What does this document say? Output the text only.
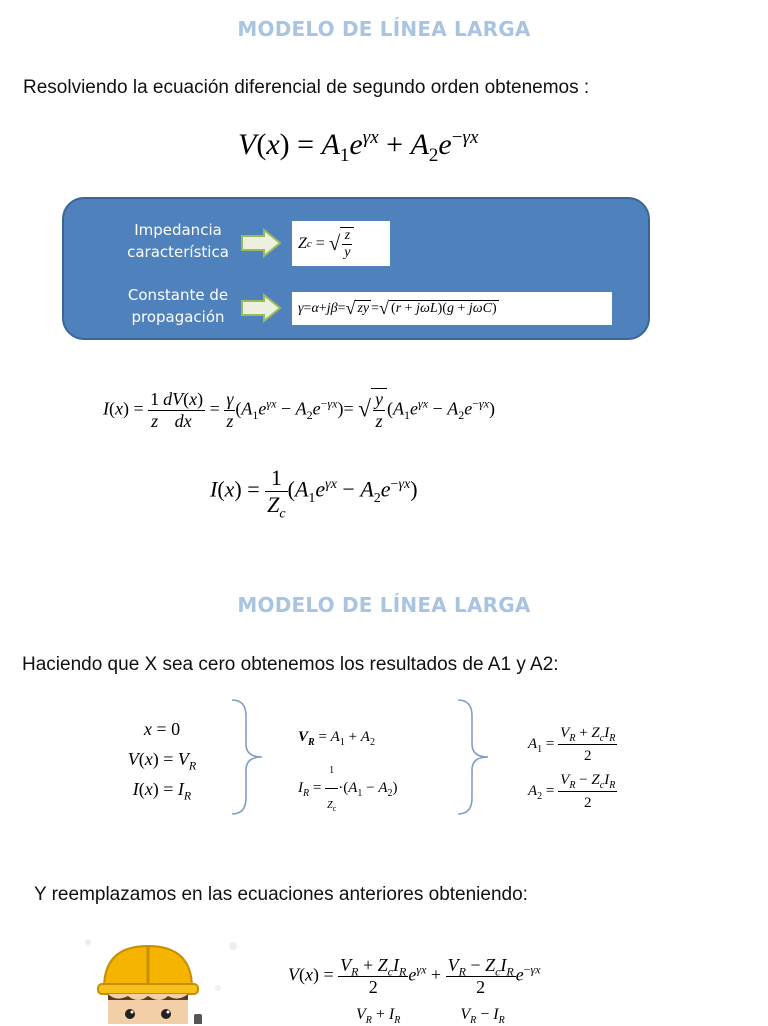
MODELO DE LÍNEA LARGA
Resolviendo la ecuación diferencial de segundo orden obtenemos :
$V(x) = A_1e^{\gamma x} + A_2e^{-\gamma x}$
Impedancia
característica	Z c = √ $\frac{z}{y}$
Constante de
propagación	γ = α + jβ = √ zy = √ (r + jωL)(g + jωC)
$I(x) = \frac{1}{z} \frac{dV(x)}{dx} = \frac{\gamma}{z} (A_1e^{\gamma x} - A_2e^{-\gamma x})=$ √ $\frac{y}{z} (A_1e^{\gamma x} - A_2e^{-\gamma x})$
$I(x) = \frac{1}{Z_c} (A_1e^{\gamma x} - A_2e^{-\gamma x})$
MODELO DE LÍNEA LARGA
Haciendo que X sea cero obtenemos los resultados de A1 y A2:
x = 0
$V(x) = V_R$
$I(x) = I_R$
$V_R = A_1 + A_2$
$I_R = \frac{1}{Z_c} \cdot(A_1 - A_2)$
$A_1 = \frac{V_R + Z_cI_R}{2}$
$A_2 = \frac{V_R - Z_cI_R}{2}$
Y reemplazamos en las ecuaciones anteriores obteniendo:
$V(x) = \frac{V_R + Z_cI_R}{2} e^{\gamma x} + \frac{V_R - Z_cI_R}{2} e^{-\gamma x}$
$V_R + I_R$	$V_R - I_R$
